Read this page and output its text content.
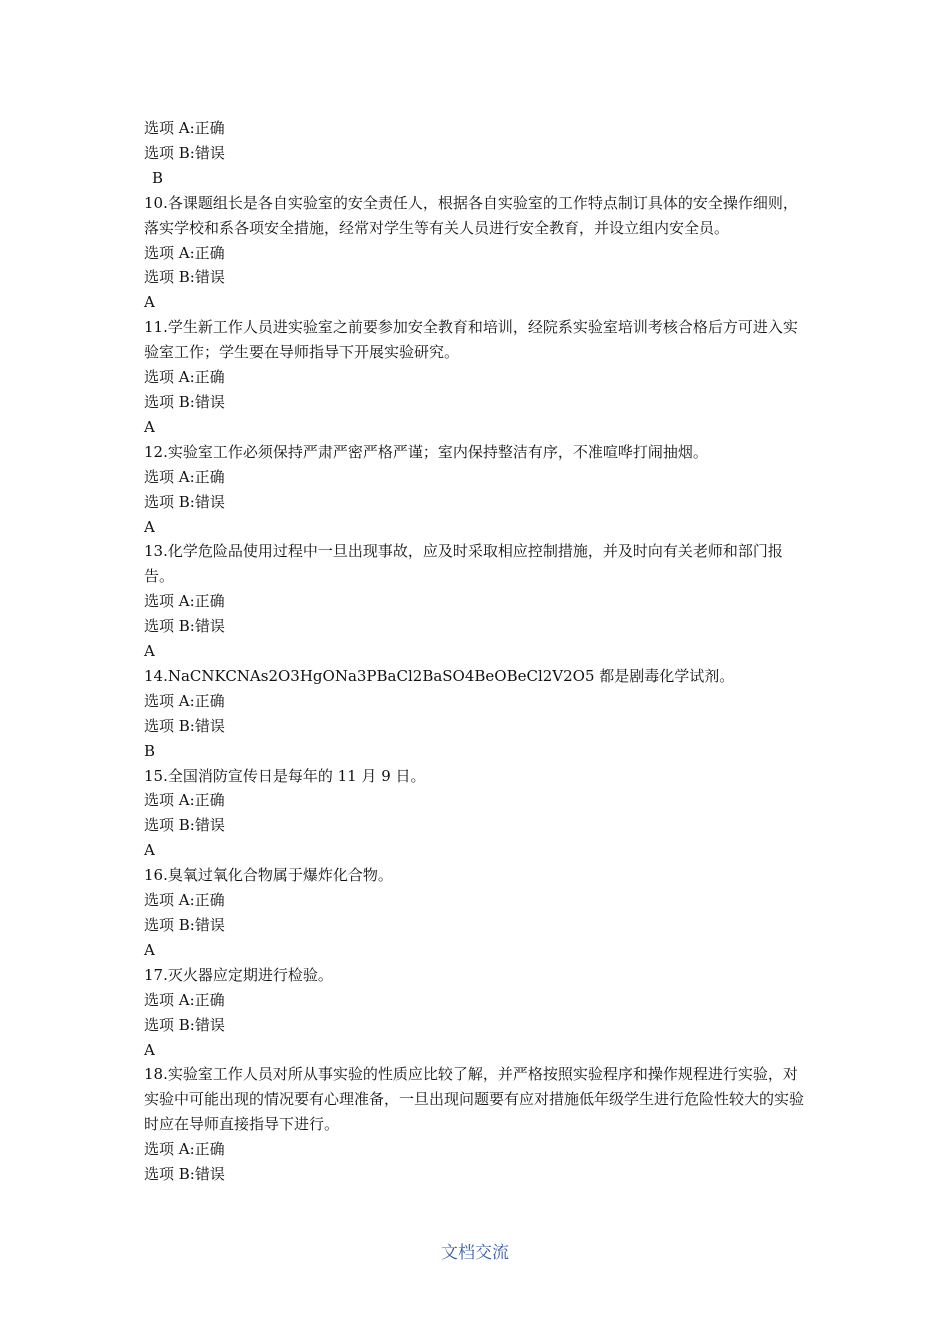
选项 A:正确
选项 B:错误
B
10.各课题组长是各自实验室的安全责任人，根据各自实验室的工作特点制订具体的安全操作细则，落实学校和系各项安全措施，经常对学生等有关人员进行安全教育，并设立组内安全员。
选项 A:正确
选项 B:错误
A
11.学生新工作人员进实验室之前要参加安全教育和培训，经院系实验室培训考核合格后方可进入实验室工作；学生要在导师指导下开展实验研究。
选项 A:正确
选项 B:错误
A
12.实验室工作必须保持严肃严密严格严谨；室内保持整洁有序，不准喧哗打闹抽烟。
选项 A:正确
选项 B:错误
A
13.化学危险品使用过程中一旦出现事故，应及时采取相应控制措施，并及时向有关老师和部门报告。
选项 A:正确
选项 B:错误
A
14.NaCNKCNAs2O3HgONa3PBaCl2BaSO4BeOBeCl2V2O5 都是剧毒化学试剂。
选项 A:正确
选项 B:错误
B
15.全国消防宣传日是每年的 11 月 9 日。
选项 A:正确
选项 B:错误
A
16.臭氧过氧化合物属于爆炸化合物。
选项 A:正确
选项 B:错误
A
17.灭火器应定期进行检验。
选项 A:正确
选项 B:错误
A
18.实验室工作人员对所从事实验的性质应比较了解，并严格按照实验程序和操作规程进行实验，对实验中可能出现的情况要有心理准备，一旦出现问题要有应对措施低年级学生进行危险性较大的实验时应在导师直接指导下进行。
选项 A:正确
选项 B:错误
文档交流
